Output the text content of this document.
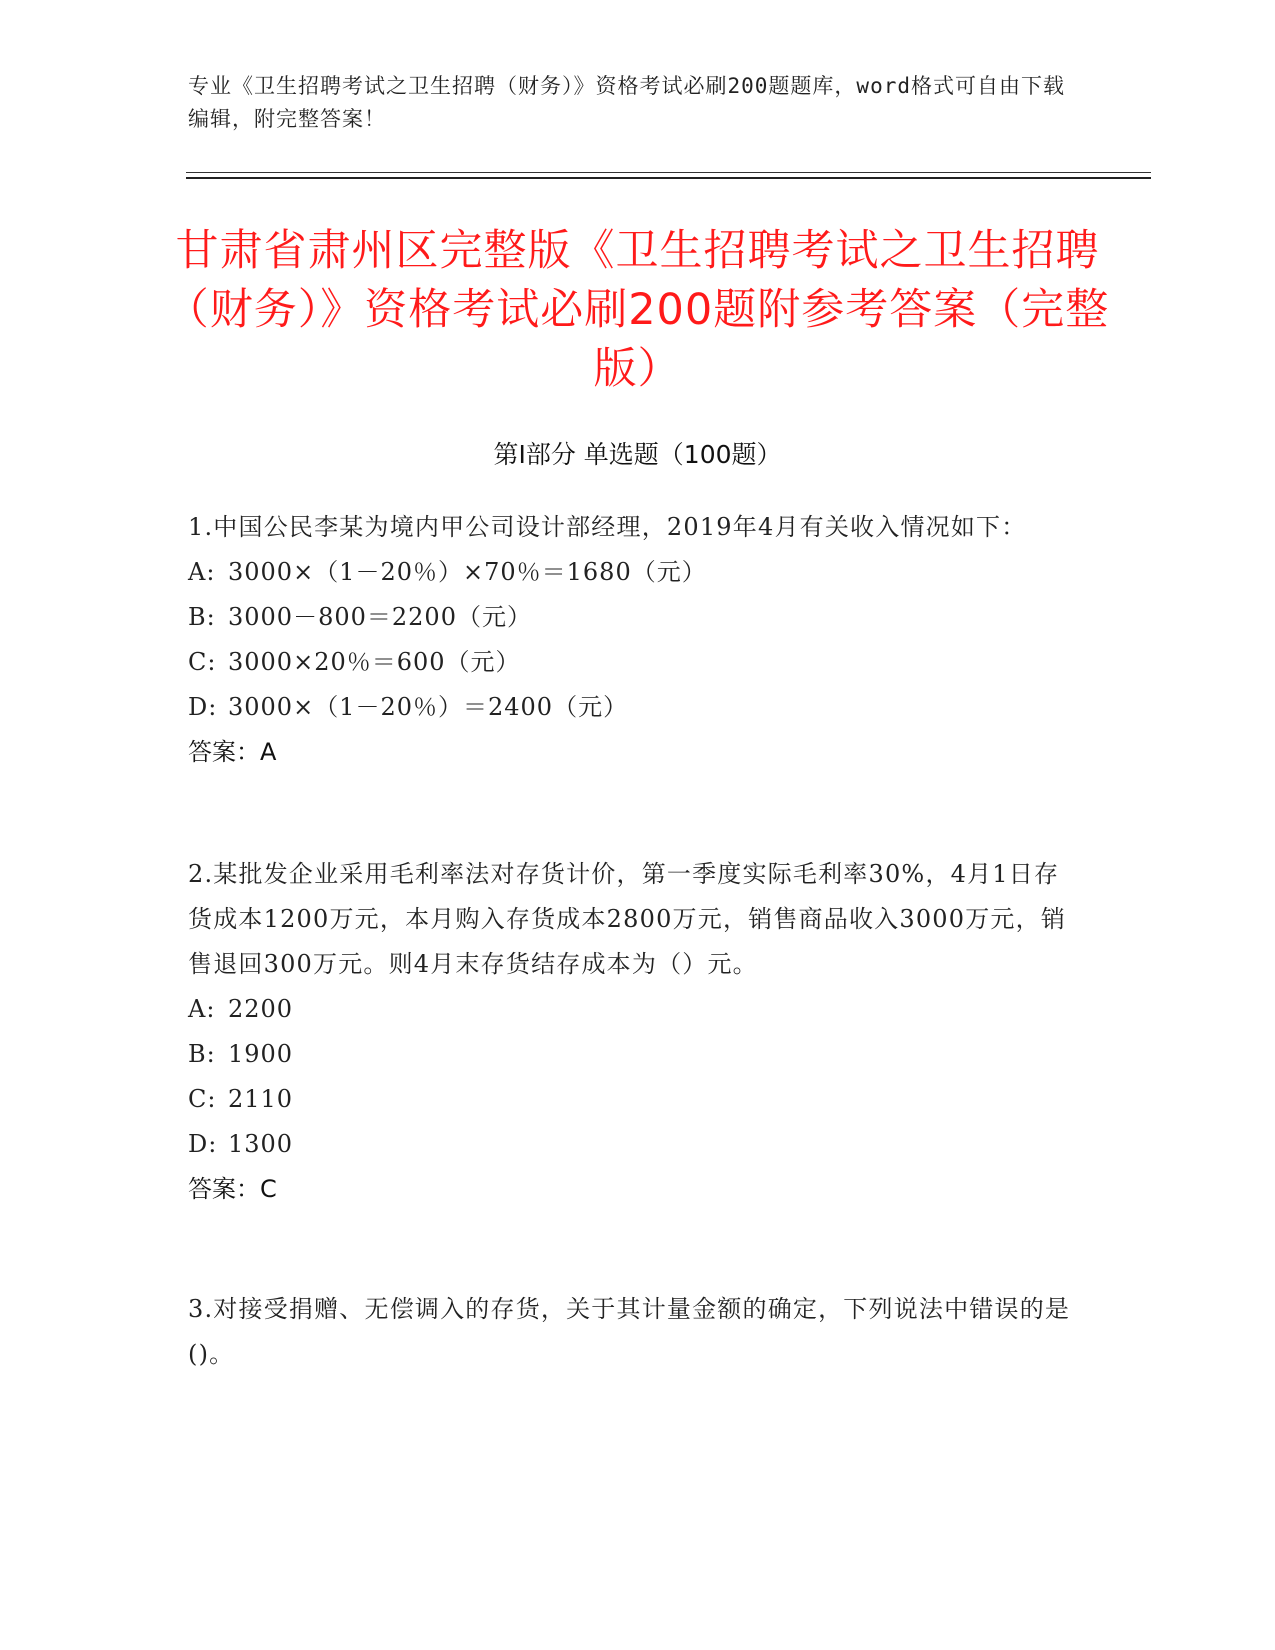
专业《卫生招聘考试之卫生招聘（财务）》资格考试必刷200题题库，word格式可自由下载编辑，附完整答案！
甘肃省肃州区完整版《卫生招聘考试之卫生招聘（财务）》资格考试必刷200题附参考答案（完整版）
第Ⅰ部分 单选题（100题）

1.中国公民李某为境内甲公司设计部经理，2019年4月有关收入情况如下：

A: 3000×（1－20％）×70％＝1680（元）

B: 3000－800＝2200（元）

C: 3000×20％＝600（元）

D: 3000×（1－20％）＝2400（元）

答案：A

2.某批发企业采用毛利率法对存货计价，第一季度实际毛利率30%，4月1日存货成本1200万元，本月购入存货成本2800万元，销售商品收入3000万元，销售退回300万元。则4月末存货结存成本为（）元。

A: 2200

B: 1900

C: 2110

D: 1300

答案：C

3.对接受捐赠、无偿调入的存货，关于其计量金额的确定，下列说法中错误的是()。
